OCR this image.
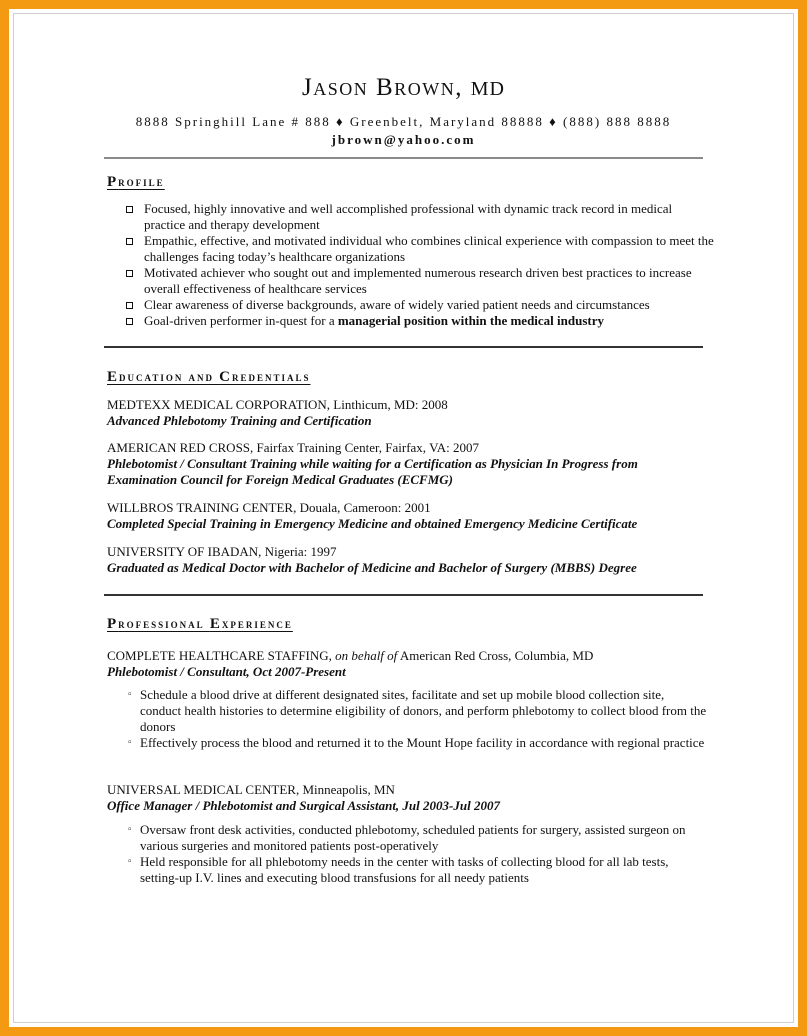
Jason Brown, MD
8888 Springhill Lane # 888 ♦ Greenbelt, Maryland 88888 ♦ (888) 888 8888
jbrown@yahoo.com
Profile
Focused, highly innovative and well accomplished professional with dynamic track record in medical practice and therapy development
Empathic, effective, and motivated individual who combines clinical experience with compassion to meet the challenges facing today’s healthcare organizations
Motivated achiever who sought out and implemented numerous research driven best practices to increase overall effectiveness of healthcare services
Clear awareness of diverse backgrounds, aware of widely varied patient needs and circumstances
Goal-driven performer in-quest for a managerial position within the medical industry
Education and Credentials
MEDTEXX MEDICAL CORPORATION, Linthicum, MD: 2008
Advanced Phlebotomy Training and Certification
AMERICAN RED CROSS, Fairfax Training Center, Fairfax, VA: 2007
Phlebotomist / Consultant Training while waiting for a Certification as Physician In Progress from Examination Council for Foreign Medical Graduates (ECFMG)
WILLBROS TRAINING CENTER, Douala, Cameroon: 2001
Completed Special Training in Emergency Medicine and obtained Emergency Medicine Certificate
UNIVERSITY OF IBADAN, Nigeria: 1997
Graduated as Medical Doctor with Bachelor of Medicine and Bachelor of Surgery (MBBS) Degree
Professional Experience
COMPLETE HEALTHCARE STAFFING, on behalf of American Red Cross, Columbia, MD
Phlebotomist / Consultant, Oct 2007-Present
▫ Schedule a blood drive at different designated sites, facilitate and set up mobile blood collection site, conduct health histories to determine eligibility of donors, and perform phlebotomy to collect blood from the donors
▫ Effectively process the blood and returned it to the Mount Hope facility in accordance with regional practice
UNIVERSAL MEDICAL CENTER, Minneapolis, MN
Office Manager / Phlebotomist and Surgical Assistant, Jul 2003-Jul 2007
▫ Oversaw front desk activities, conducted phlebotomy, scheduled patients for surgery, assisted surgeon on various surgeries and monitored patients post-operatively
▫ Held responsible for all phlebotomy needs in the center with tasks of collecting blood for all lab tests, setting-up I.V. lines and executing blood transfusions for all needy patients
